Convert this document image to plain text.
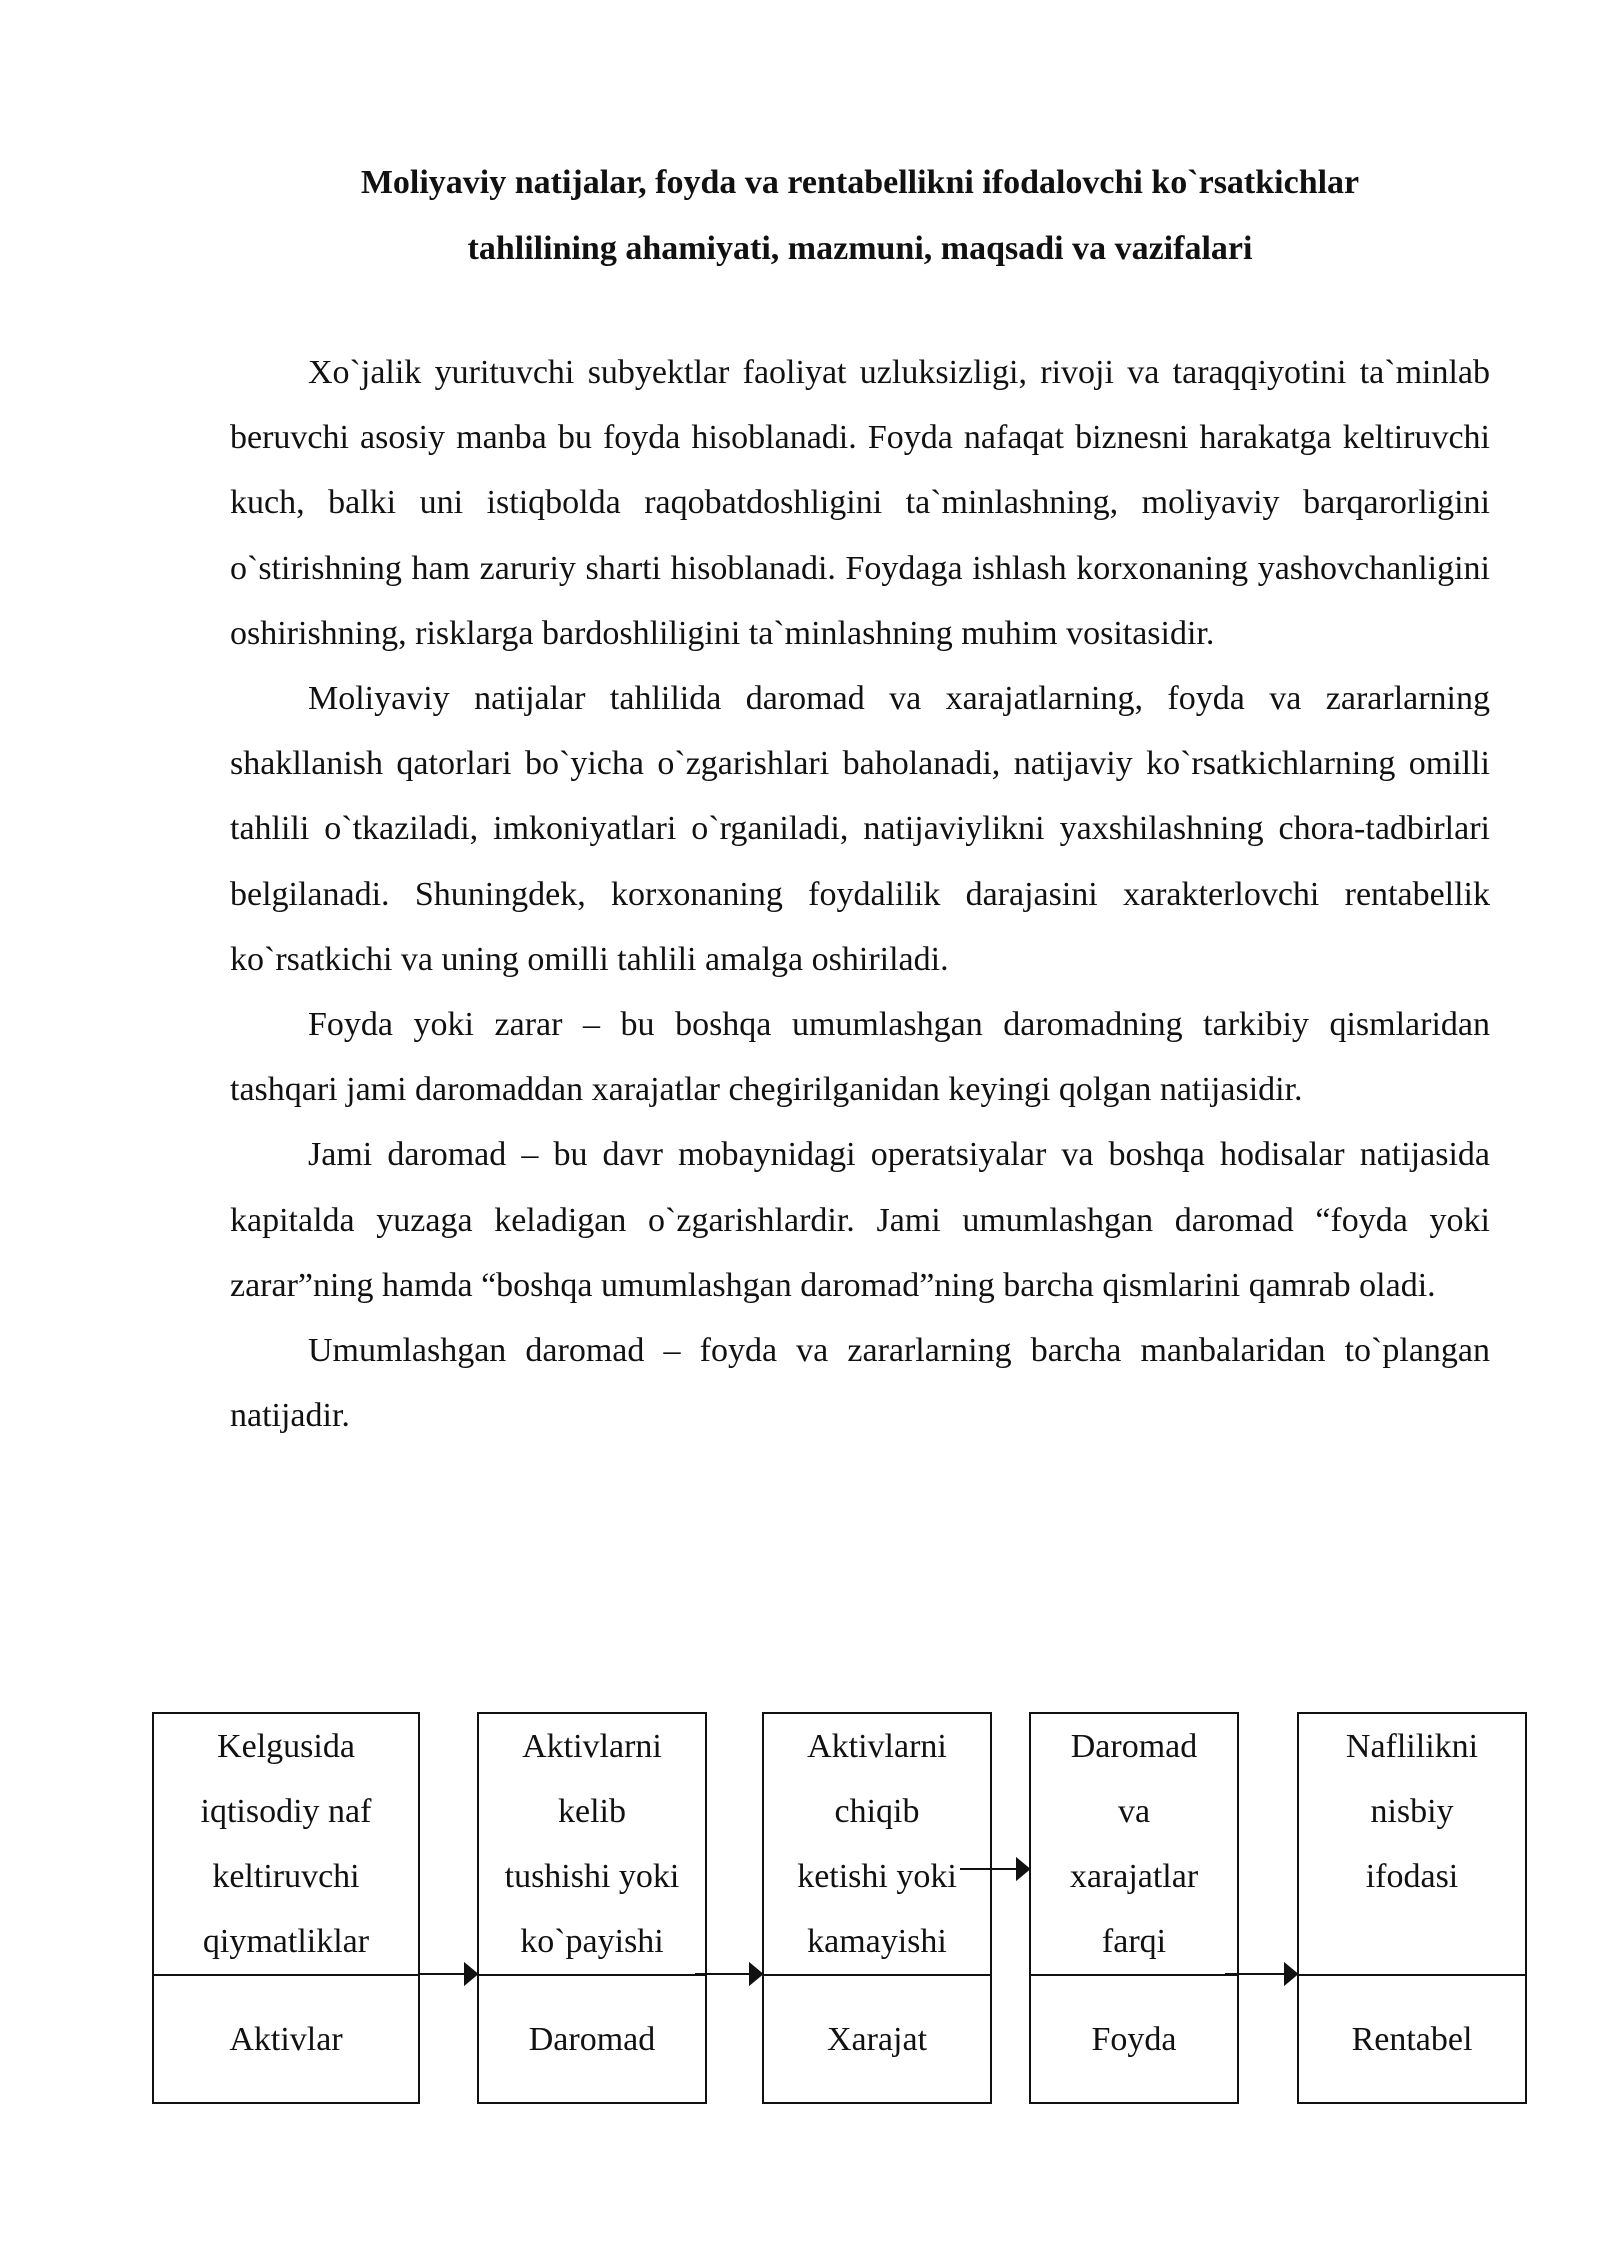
Moliyaviy natijalar, foyda va rentabellikni ifodalovchi ko`rsatkichlar
tahlilining ahamiyati, mazmuni, maqsadi va vazifalari

Xo`jalik yurituvchi subyektlar faoliyat uzluksizligi, rivoji va taraqqiyotini ta`minlab beruvchi asosiy manba bu foyda hisoblanadi. Foyda nafaqat biznesni harakatga keltiruvchi kuch, balki uni istiqbolda raqobatdoshligini ta`minlashning, moliyaviy barqarorligini o`stirishning ham zaruriy sharti hisoblanadi. Foydaga ishlash korxonaning yashovchanligini oshirishning, risklarga bardoshliligini ta`minlashning muhim vositasidir.

Moliyaviy natijalar tahlilida daromad va xarajatlarning, foyda va zararlarning shakllanish qatorlari bo`yicha o`zgarishlari baholanadi, natijaviy ko`rsatkichlarning omilli tahlili o`tkaziladi, imkoniyatlari o`rganiladi, natijaviylikni yaxshilashning chora-tadbirlari belgilanadi. Shuningdek, korxonaning foydalilik darajasini xarakterlovchi rentabellik ko`rsatkichi va uning omilli tahlili amalga oshiriladi.

Foyda yoki zarar – bu boshqa umumlashgan daromadning tarkibiy qismlaridan tashqari jami daromaddan xarajatlar chegirilganidan keyingi qolgan natijasidir.

Jami daromad – bu davr mobaynidagi operatsiyalar va boshqa hodisalar natijasida kapitalda yuzaga keladigan o`zgarishlardir. Jami umumlashgan daromad “foyda yoki zarar”ning hamda “boshqa umumlashgan daromad”ning barcha qismlarini qamrab oladi.

Umumlashgan daromad – foyda va zararlarning barcha manbalaridan to`plangan natijadir.

Kelgusida
iqtisodiy naf
keltiruvchi
qiymatliklar
Aktivlar
Aktivlarni
kelib
tushishi yoki
ko`payishi
Daromad
Aktivlarni
chiqib
ketishi yoki
kamayishi
Xarajat
Daromad
va
xarajatlar
farqi
Foyda
Naflilikni
nisbiy
ifodasi
Rentabel
